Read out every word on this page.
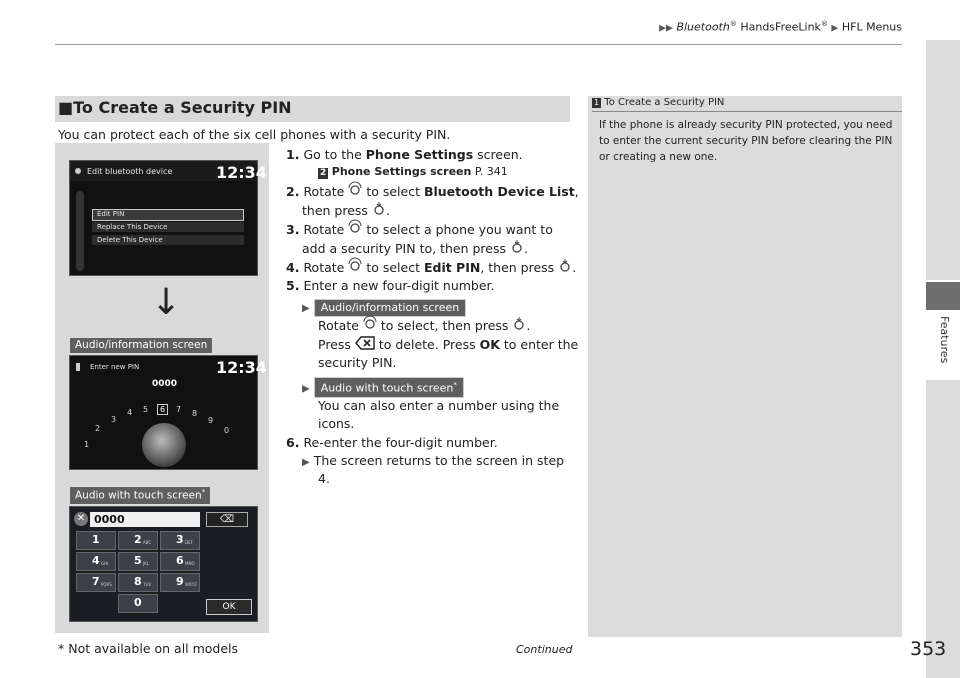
▶▶ Bluetooth® HandsFreeLink® ▶ HFL Menus
Features
■To Create a Security PIN
You can protect each of the six cell phones with a security PIN.
Edit bluetooth device	12:34
Edit PIN
Replace This Device
Delete This Device
↓
Audio/information screen
Enter new PIN	12:34
0000
1
2
3
4 5	6	7 8
9
0
Audio with touch screen*
✕ 0000	⌫
1	2 ABC 3 DEF
4 GHI 5 JKL 6 MNO
7 PQRS 8 TUV 9 WXYZ
0	OK
1. Go to the Phone Settings screen.
2 Phone Settings screen P. 341
2. Rotate  to select Bluetooth Device List,
then press .
3. Rotate  to select a phone you want to
add a security PIN to, then press .
4. Rotate  to select Edit PIN, then press .
5. Enter a new four-digit number.
▶ Audio/information screen
Rotate  to select, then press .
Press  to delete. Press OK to enter the
security PIN.
▶ Audio with touch screen*
You can also enter a number using the
icons.
6. Re-enter the four-digit number.
▶ The screen returns to the screen in step
4.
1 To Create a Security PIN
If the phone is already security PIN protected, you need to enter the current security PIN before clearing the PIN or creating a new one.
* Not available on all models	Continued	353
